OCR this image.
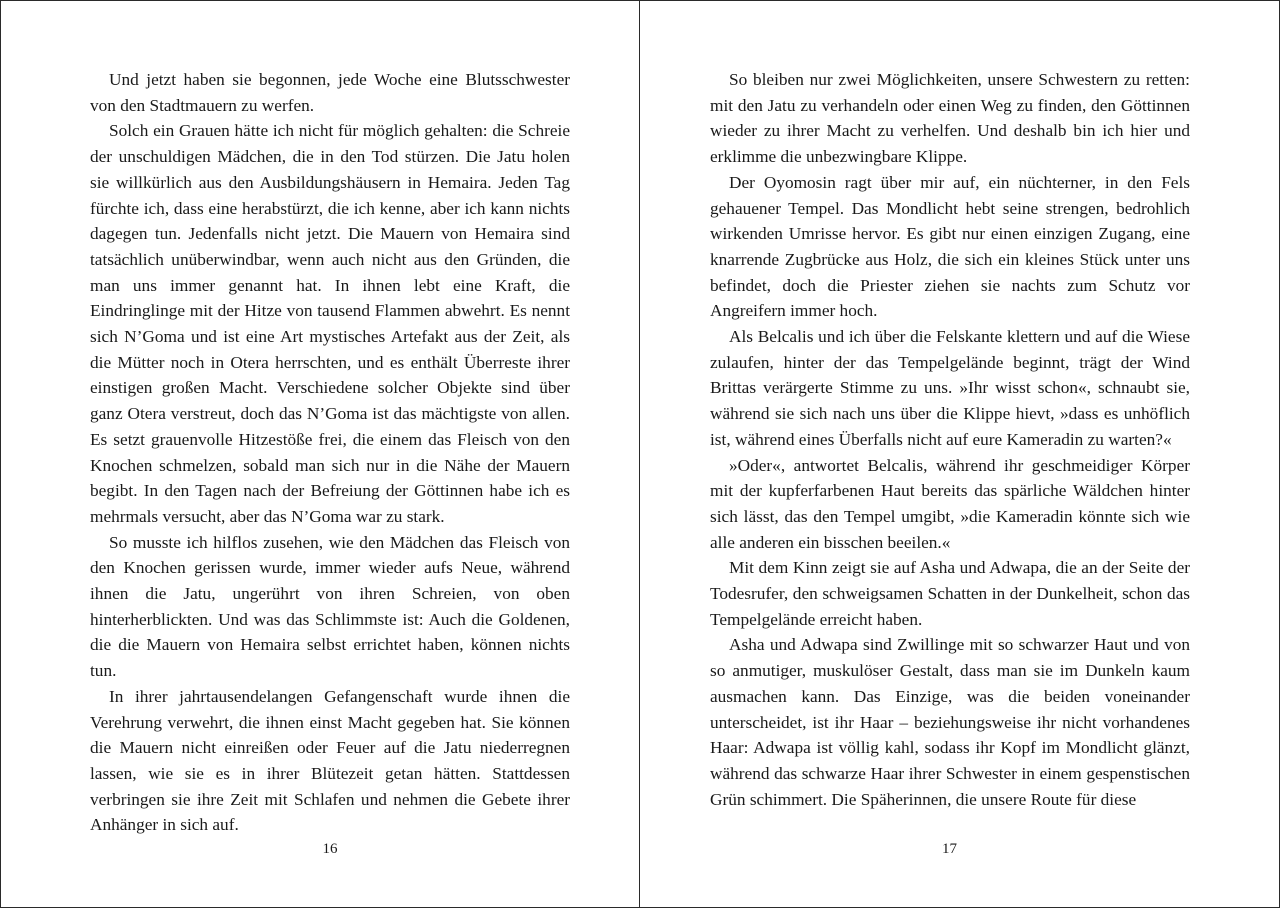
Und jetzt haben sie begonnen, jede Woche eine Blutsschwester von den Stadtmauern zu werfen.

Solch ein Grauen hätte ich nicht für möglich gehalten: die Schreie der unschuldigen Mädchen, die in den Tod stürzen. Die Jatu holen sie willkürlich aus den Ausbildungshäusern in Hemaira. Jeden Tag fürchte ich, dass eine herabstürzt, die ich kenne, aber ich kann nichts dagegen tun. Jedenfalls nicht jetzt. Die Mauern von Hemaira sind tatsächlich unüberwindbar, wenn auch nicht aus den Gründen, die man uns immer genannt hat. In ihnen lebt eine Kraft, die Eindringlinge mit der Hitze von tausend Flammen abwehrt. Es nennt sich N’Goma und ist eine Art mystisches Artefakt aus der Zeit, als die Mütter noch in Otera herrschten, und es enthält Überreste ihrer einstigen großen Macht. Verschiedene solcher Objekte sind über ganz Otera verstreut, doch das N’Goma ist das mächtigste von allen. Es setzt grauenvolle Hitzestöße frei, die einem das Fleisch von den Knochen schmelzen, sobald man sich nur in die Nähe der Mauern begibt. In den Tagen nach der Befreiung der Göttinnen habe ich es mehrmals versucht, aber das N’Goma war zu stark.

So musste ich hilflos zusehen, wie den Mädchen das Fleisch von den Knochen gerissen wurde, immer wieder aufs Neue, während ihnen die Jatu, ungerührt von ihren Schreien, von oben hinterherblickten. Und was das Schlimmste ist: Auch die Goldenen, die die Mauern von Hemaira selbst errichtet haben, können nichts tun.

In ihrer jahrtausendelangen Gefangenschaft wurde ihnen die Verehrung verwehrt, die ihnen einst Macht gegeben hat. Sie können die Mauern nicht einreißen oder Feuer auf die Jatu niederregnen lassen, wie sie es in ihrer Blütezeit getan hätten. Stattdessen verbringen sie ihre Zeit mit Schlafen und nehmen die Gebete ihrer Anhänger in sich auf.

16

So bleiben nur zwei Möglichkeiten, unsere Schwestern zu retten: mit den Jatu zu verhandeln oder einen Weg zu finden, den Göttinnen wieder zu ihrer Macht zu verhelfen. Und deshalb bin ich hier und erklimme die unbezwingbare Klippe.

Der Oyomosin ragt über mir auf, ein nüchterner, in den Fels gehauener Tempel. Das Mondlicht hebt seine strengen, bedrohlich wirkenden Umrisse hervor. Es gibt nur einen einzigen Zugang, eine knarrende Zugbrücke aus Holz, die sich ein kleines Stück unter uns befindet, doch die Priester ziehen sie nachts zum Schutz vor Angreifern immer hoch.

Als Belcalis und ich über die Felskante klettern und auf die Wiese zulaufen, hinter der das Tempelgelände beginnt, trägt der Wind Brittas verärgerte Stimme zu uns. »Ihr wisst schon«, schnaubt sie, während sie sich nach uns über die Klippe hievt, »dass es unhöflich ist, während eines Überfalls nicht auf eure Kameradin zu warten?«

»Oder«, antwortet Belcalis, während ihr geschmeidiger Körper mit der kupferfarbenen Haut bereits das spärliche Wäldchen hinter sich lässt, das den Tempel umgibt, »die Kameradin könnte sich wie alle anderen ein bisschen beeilen.«

Mit dem Kinn zeigt sie auf Asha und Adwapa, die an der Seite der Todesrufer, den schweigsamen Schatten in der Dunkelheit, schon das Tempelgelände erreicht haben.

Asha und Adwapa sind Zwillinge mit so schwarzer Haut und von so anmutiger, muskulöser Gestalt, dass man sie im Dunkeln kaum ausmachen kann. Das Einzige, was die beiden voneinander unterscheidet, ist ihr Haar – beziehungsweise ihr nicht vorhandenes Haar: Adwapa ist völlig kahl, sodass ihr Kopf im Mondlicht glänzt, während das schwarze Haar ihrer Schwester in einem gespenstischen Grün schimmert. Die Späherinnen, die unsere Route für diese

17
